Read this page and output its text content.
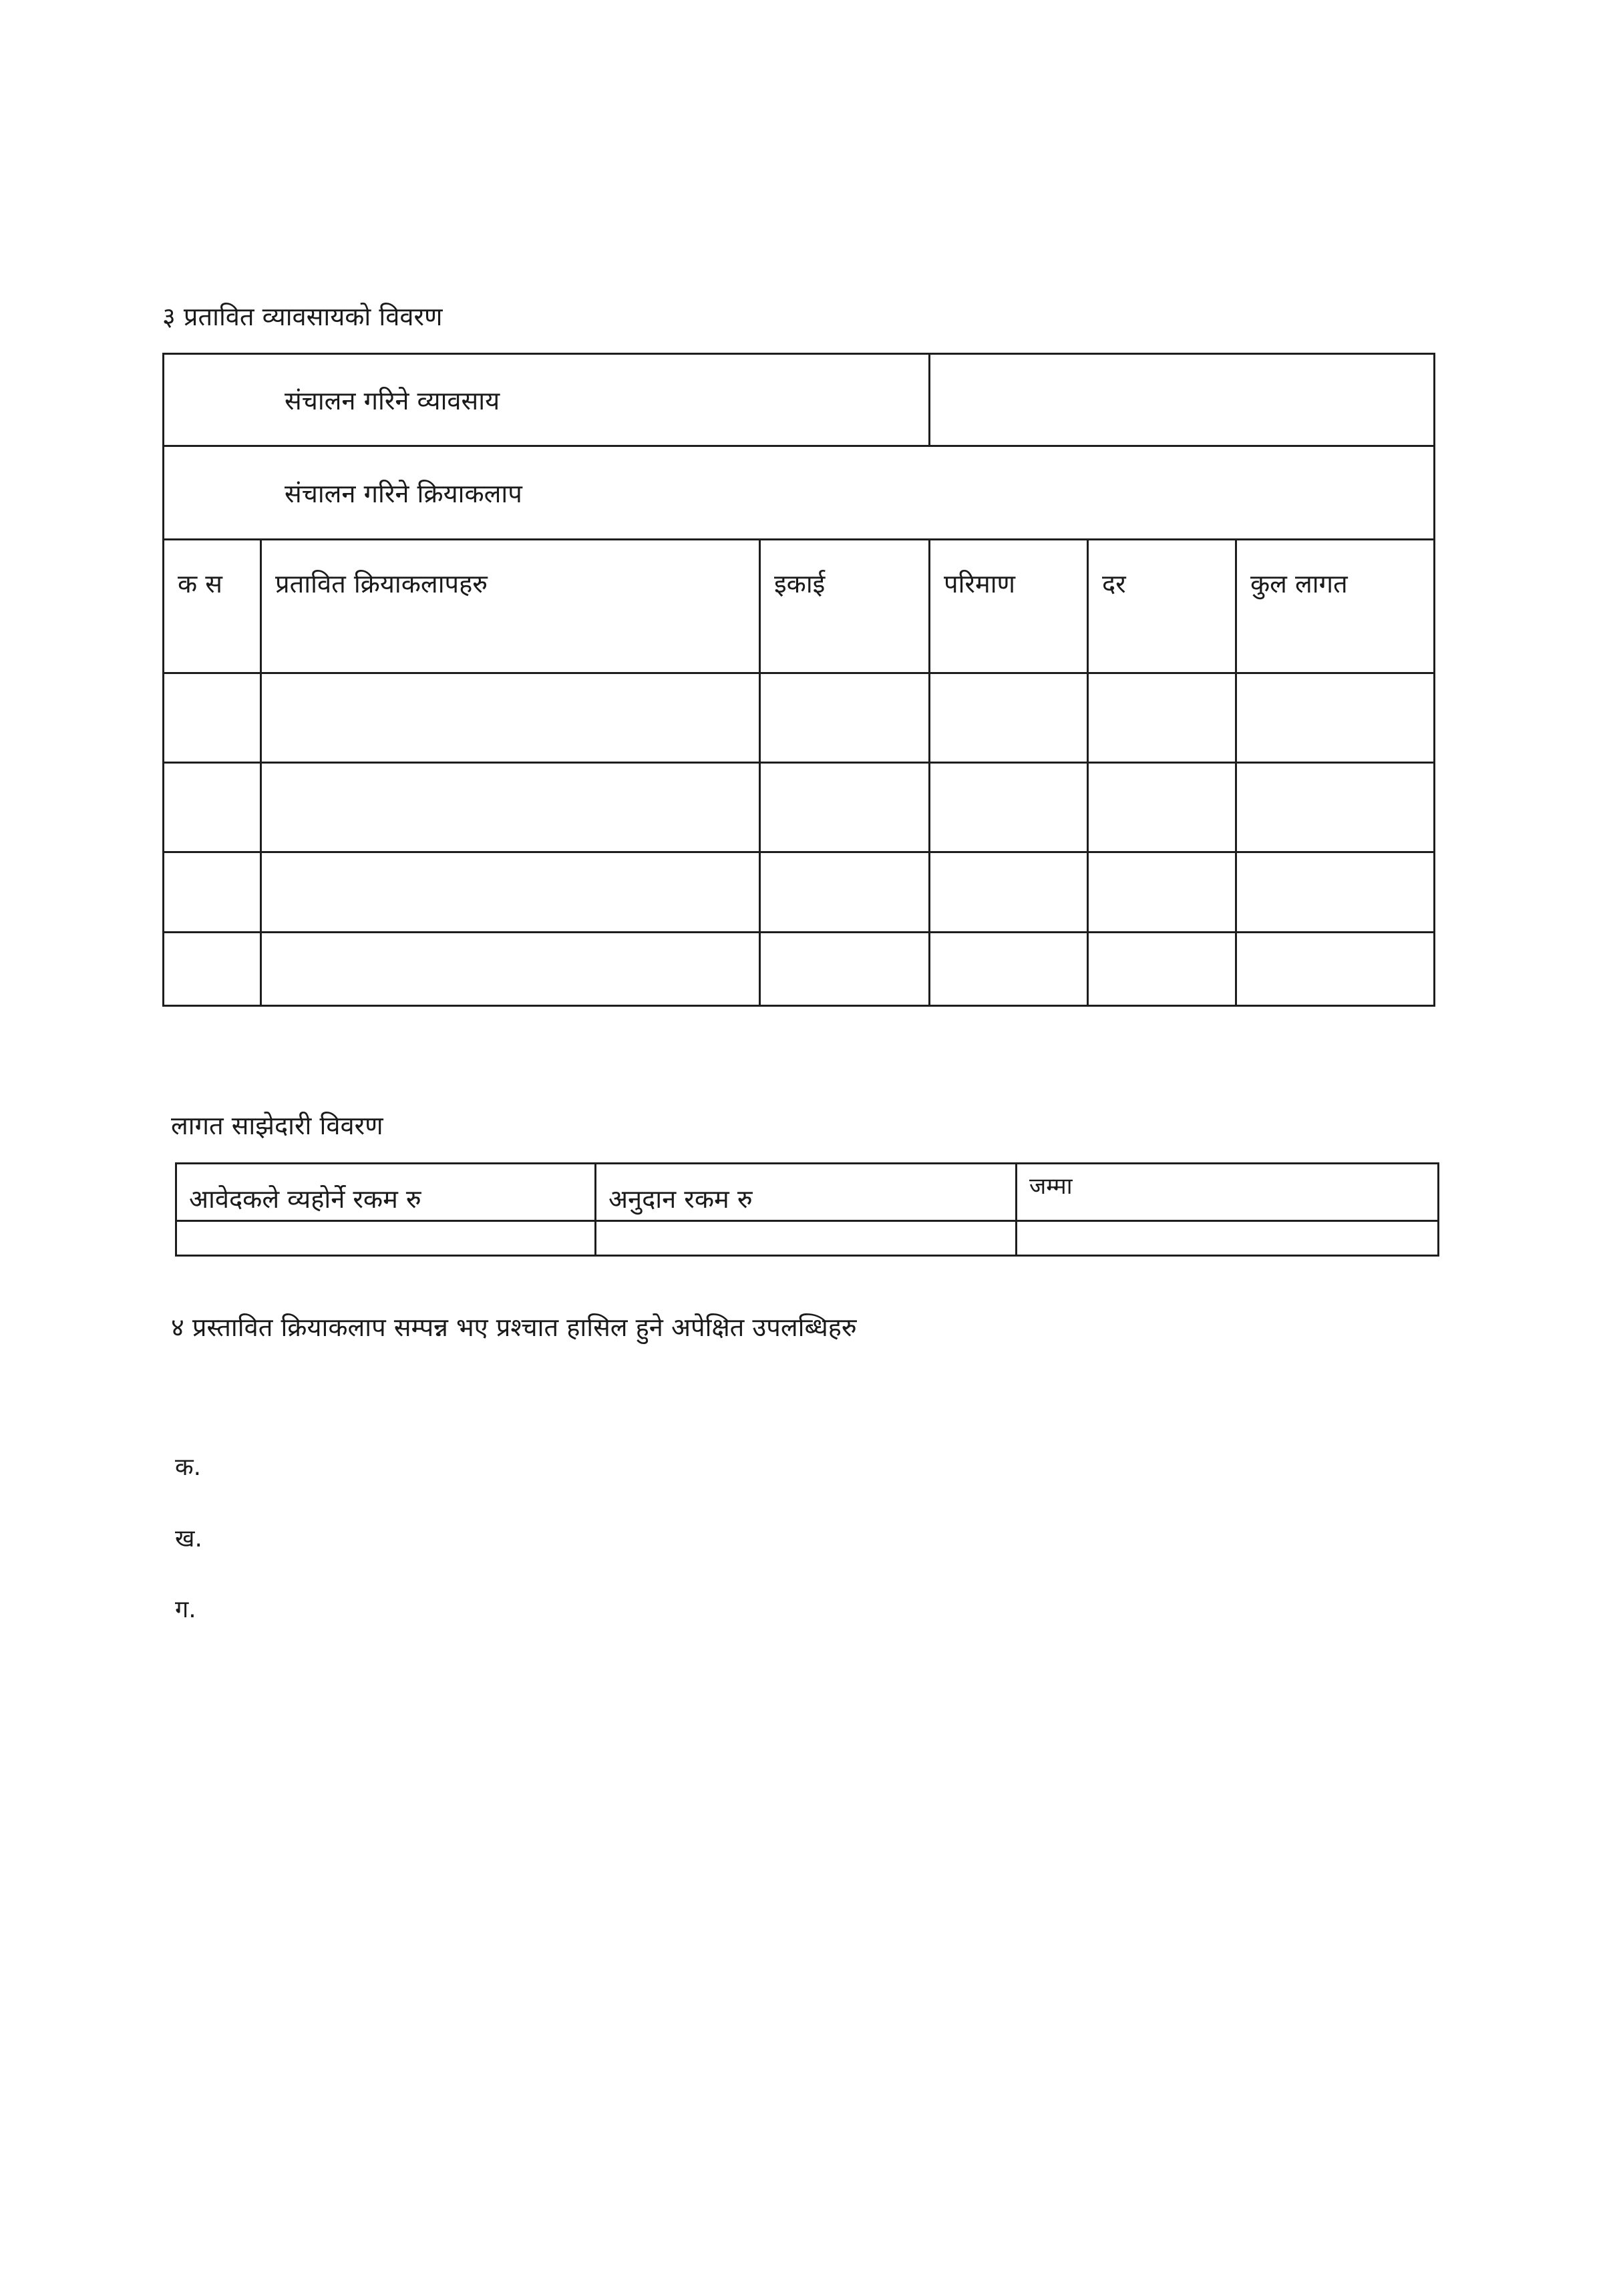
३ प्रतावित व्यावसायको विवरण
संचालन गरिने व्यावसाय					
संचालन गरिने क्रियाकलाप					
क स	प्रतावित क्रियाकलापहरु	इकाई	परिमाण	दर	कुल लागत

लागत साझेदारी विवरण
आवेदकले व्यहोर्ने रकम रु	अनुदान रकम रु	जम्मा

४ प्रस्तावित क्रियाकलाप सम्पन्न भए प्रश्चात हासिल हुने अपेक्षित उपलब्धिहरु
क.
ख.
ग.
